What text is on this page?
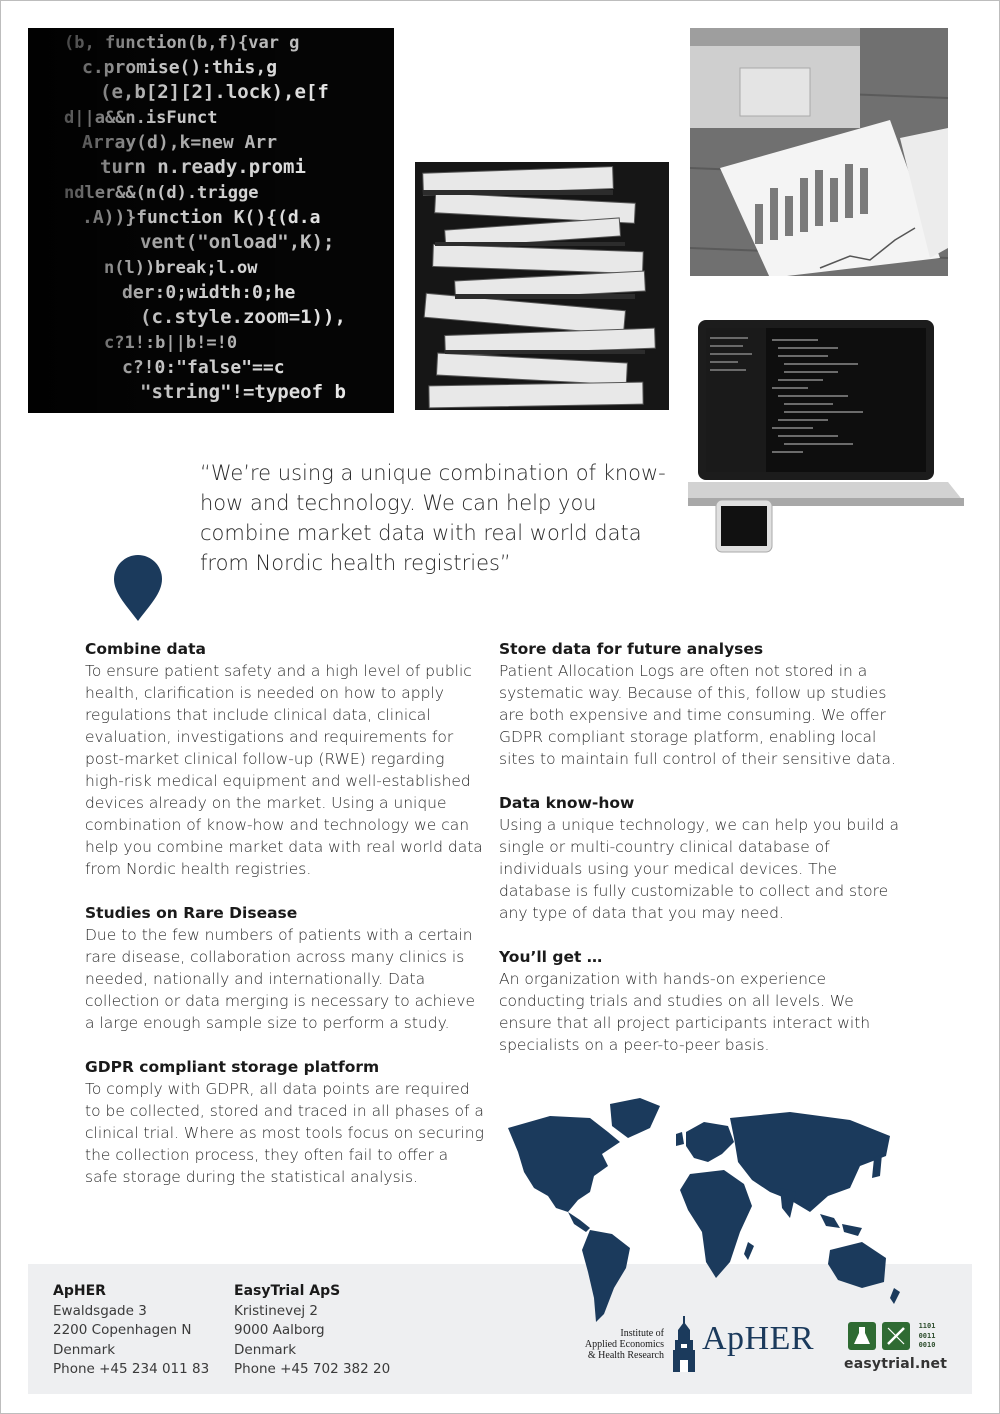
“We’re using a unique combination of know-how and technology. We can help you combine market data with real world data from Nordic health registries”
Combine data

To ensure patient safety and a high level of public health, clarification is needed on how to apply regulations that include clinical data, clinical evaluation, investigations and requirements for post-market clinical follow-up (RWE) regarding high-risk medical equipment and well-established devices already on the market. Using a unique combination of know-how and technology we can help you combine market data with real world data from Nordic health registries.

Studies on Rare Disease

Due to the few numbers of patients with a certain rare disease, collaboration across many clinics is needed, nationally and internationally. Data collection or data merging is necessary to achieve a large enough sample size to perform a study.

GDPR compliant storage platform

To comply with GDPR, all data points are required to be collected, stored and traced in all phases of a clinical trial. Where as most tools focus on securing the collection process, they often fail to offer a safe storage during the statistical analysis.

Store data for future analyses

Patient Allocation Logs are often not stored in a systematic way. Because of this, follow up studies are both expensive and time consuming. We offer GDPR compliant storage platform, enabling local sites to maintain full control of their sensitive data.

Data know-how

Using a unique technology, we can help you build a single or multi-country clinical database of individuals using your medical devices. The database is fully customizable to collect and store any type of data that you may need.

You’ll get …

An organization with hands-on experience conducting trials and studies on all levels. We ensure that all project participants interact with specialists on a peer-to-peer basis.

ApHER
Ewaldsgade 3
2200 Copenhagen N
Denmark
Phone +45 234 011 83
EasyTrial ApS
Kristinevej 2
9000 Aalborg
Denmark
Phone +45 702 382 20
Institute of
Applied Economics
& Health Research ApHER	1101
0011
0010
easytrial.net
